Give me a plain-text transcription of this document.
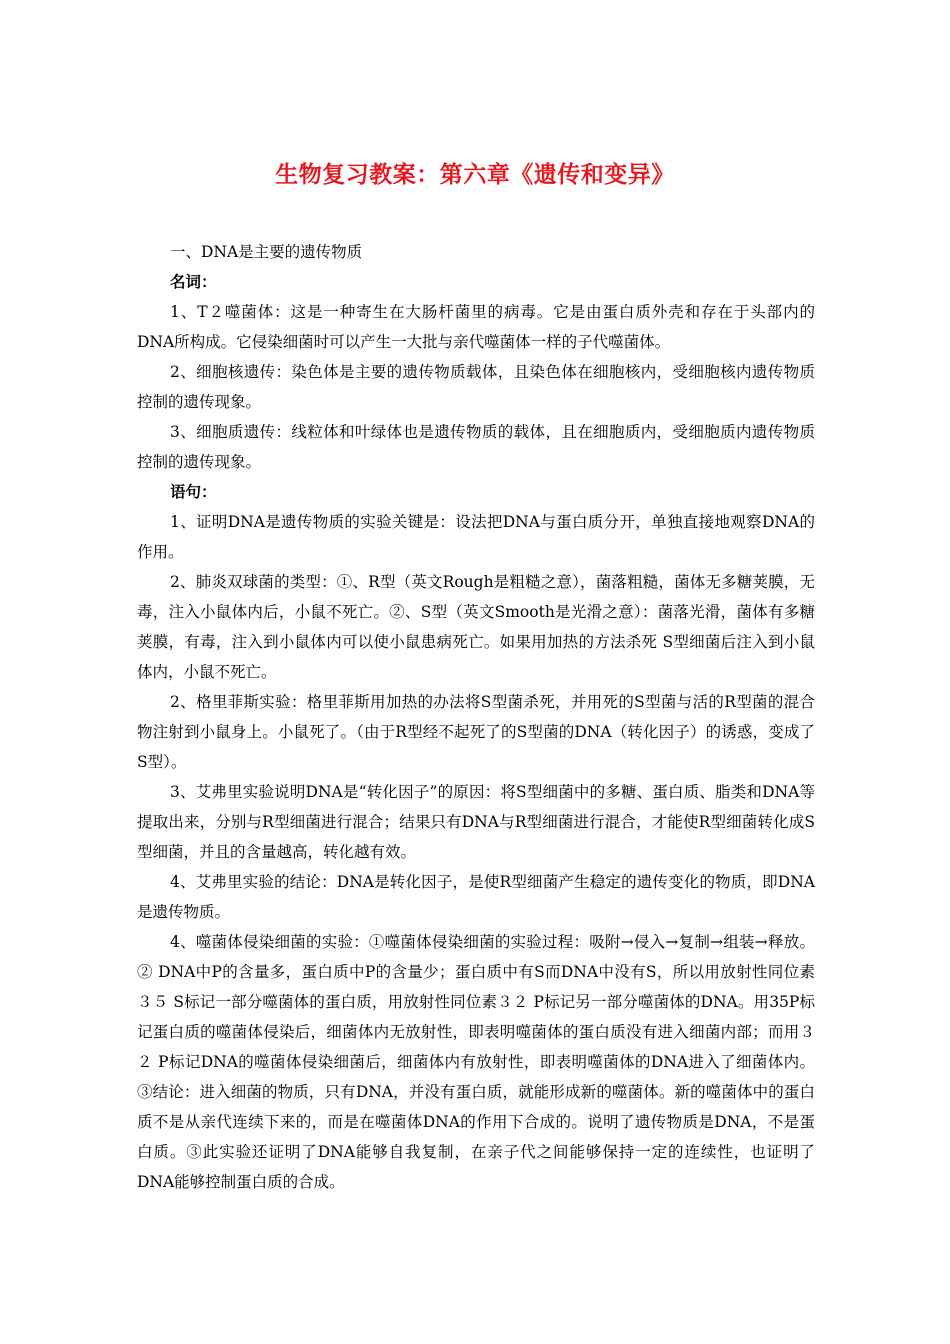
生物复习教案：第六章《遗传和变异》

一、DNA是主要的遗传物质

名词：

1、T２噬菌体：这是一种寄生在大肠杆菌里的病毒。它是由蛋白质外壳和存在于头部内的DNA所构成。它侵染细菌时可以产生一大批与亲代噬菌体一样的子代噬菌体。

2、细胞核遗传：染色体是主要的遗传物质载体，且染色体在细胞核内，受细胞核内遗传物质控制的遗传现象。

3、细胞质遗传：线粒体和叶绿体也是遗传物质的载体，且在细胞质内，受细胞质内遗传物质控制的遗传现象。

语句：

1、证明DNA是遗传物质的实验关键是：设法把DNA与蛋白质分开，单独直接地观察DNA的作用。

2、肺炎双球菌的类型：①、R型（英文Rough是粗糙之意），菌落粗糙，菌体无多糖荚膜，无毒，注入小鼠体内后，小鼠不死亡。②、S型（英文Smooth是光滑之意）：菌落光滑，菌体有多糖荚膜，有毒，注入到小鼠体内可以使小鼠患病死亡。如果用加热的方法杀死 S型细菌后注入到小鼠体内，小鼠不死亡。

2、格里菲斯实验：格里菲斯用加热的办法将S型菌杀死，并用死的S型菌与活的R型菌的混合物注射到小鼠身上。小鼠死了。（由于R型经不起死了的S型菌的DNA（转化因子）的诱惑，变成了S型）。

3、艾弗里实验说明DNA是“转化因子”的原因：将S型细菌中的多糖、蛋白质、脂类和DNA等提取出来，分别与R型细菌进行混合；结果只有DNA与R型细菌进行混合，才能使R型细菌转化成S型细菌，并且的含量越高，转化越有效。

4、艾弗里实验的结论：DNA是转化因子，是使R型细菌产生稳定的遗传变化的物质，即DNA是遗传物质。

4、噬菌体侵染细菌的实验：①噬菌体侵染细菌的实验过程：吸附→侵入→复制→组装→释放。② DNA中P的含量多，蛋白质中P的含量少；蛋白质中有S而DNA中没有S，所以用放射性同位素３５ S标记一部分噬菌体的蛋白质，用放射性同位素３２ P标记另一部分噬菌体的DNA。用35P标记蛋白质的噬菌体侵染后，细菌体内无放射性，即表明噬菌体的蛋白质没有进入细菌内部；而用３２ P标记DNA的噬菌体侵染细菌后，细菌体内有放射性，即表明噬菌体的DNA进入了细菌体内。③结论：进入细菌的物质，只有DNA，并没有蛋白质，就能形成新的噬菌体。新的噬菌体中的蛋白质不是从亲代连续下来的，而是在噬菌体DNA的作用下合成的。说明了遗传物质是DNA，不是蛋白质。③此实验还证明了DNA能够自我复制，在亲子代之间能够保持一定的连续性，也证明了DNA能够控制蛋白质的合成。
